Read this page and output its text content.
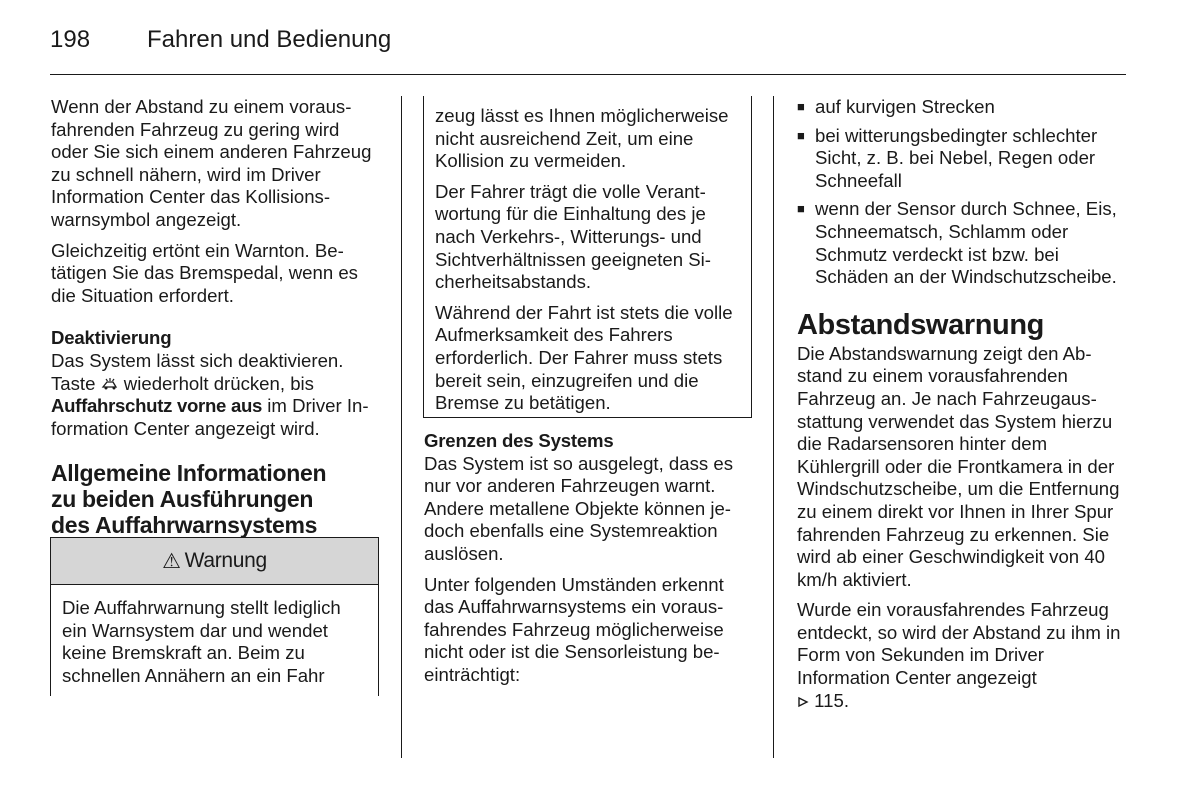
198 Fahren und Bedienung

Wenn der Abstand zu einem vorausfahrenden Fahrzeug zu gering wird oder Sie sich einem anderen Fahrzeug zu schnell nähern, wird im Driver Information Center das Kollisionswarnsymbol angezeigt.

Gleichzeitig ertönt ein Warnton. Betätigen Sie das Bremspedal, wenn es die Situation erfordert.

Deaktivierung

Das System lässt sich deaktivieren.
Taste wiederholt drücken, bis
Auffahrschutz vorne aus im Driver Information Center angezeigt wird.

Allgemeine Informationen zu beiden Ausführungen des Auffahrwarnsystems
⚠ Warnung

Die Auffahrwarnung stellt lediglich ein Warnsystem dar und wendet keine Bremskraft an. Beim zu schnellen Annähern an ein Fahr

zeug lässt es Ihnen möglicherweise nicht ausreichend Zeit, um eine Kollision zu vermeiden.

Der Fahrer trägt die volle Verantwortung für die Einhaltung des je nach Verkehrs-, Witterungs- und Sichtverhältnissen geeigneten Sicherheitsabstands.

Während der Fahrt ist stets die volle Aufmerksamkeit des Fahrers erforderlich. Der Fahrer muss stets bereit sein, einzugreifen und die Bremse zu betätigen.

Grenzen des Systems

Das System ist so ausgelegt, dass es nur vor anderen Fahrzeugen warnt. Andere metallene Objekte können jedoch ebenfalls eine Systemreaktion auslösen.

Unter folgenden Umständen erkennt das Auffahrwarnsystems ein vorausfahrendes Fahrzeug möglicherweise nicht oder ist die Sensorleistung beeinträchtigt:

■ auf kurvigen Strecken
■ bei witterungsbedingter schlechter Sicht, z. B. bei Nebel, Regen oder Schneefall
■ wenn der Sensor durch Schnee, Eis, Schneematsch, Schlamm oder Schmutz verdeckt ist bzw. bei Schäden an der Windschutzscheibe.
Abstandswarnung

Die Abstandswarnung zeigt den Abstand zu einem vorausfahrenden Fahrzeug an. Je nach Fahrzeugausstattung verwendet das System hierzu die Radarsensoren hinter dem Kühlergrill oder die Frontkamera in der Windschutzscheibe, um die Entfernung zu einem direkt vor Ihnen in Ihrer Spur fahrenden Fahrzeug zu erkennen. Sie wird ab einer Geschwindigkeit von 40 km/h aktiviert.

Wurde ein vorausfahrendes Fahrzeug entdeckt, so wird der Abstand zu ihm in Form von Sekunden im Driver Information Center angezeigt
115.
